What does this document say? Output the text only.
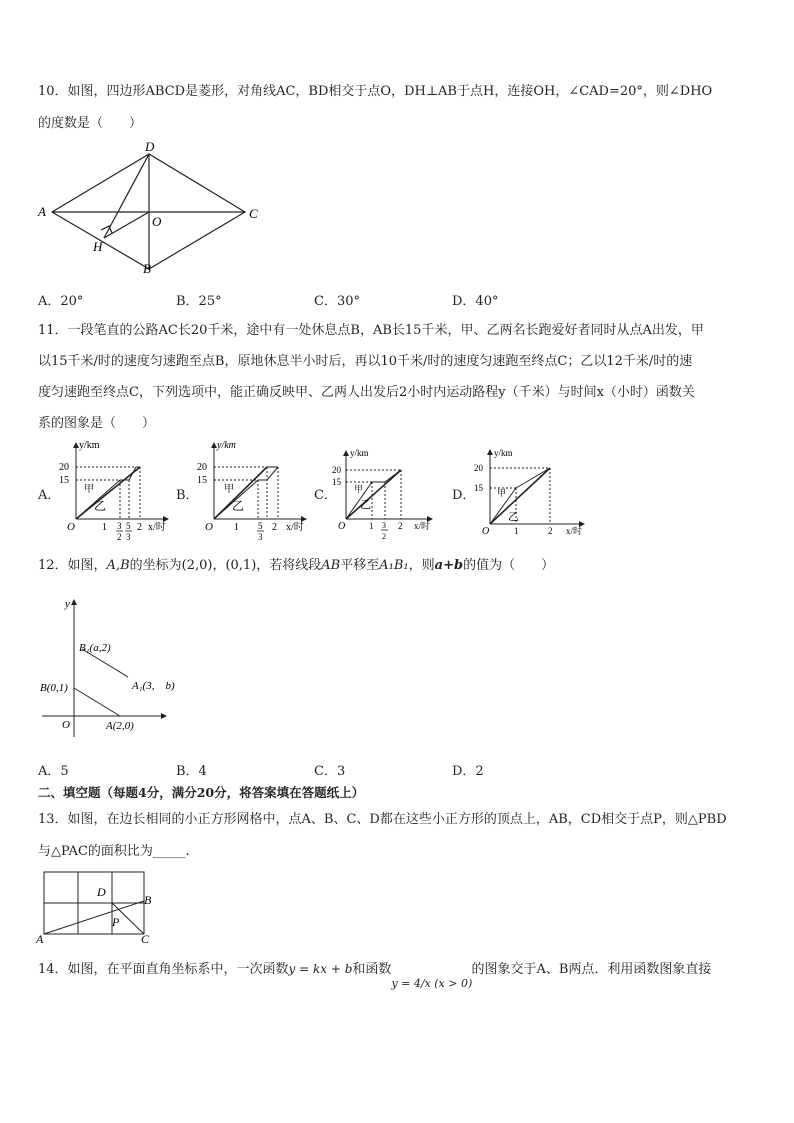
10．如图，四边形ABCD是菱形，对角线AC，BD相交于点O，DH⊥AB于点H，连接OH，∠CAD=20°，则∠DHO
的度数是（　　）
A
D
C
B
O
H
A．20°	B．25°	C．30°	D．40°
11．一段笔直的公路AC长20千米，途中有一处休息点B，AB长15千米，甲、乙两名长跑爱好者同时从点A出发，甲
以15千米/时的速度匀速跑至点B，原地休息半小时后，再以10千米/时的速度匀速跑至终点C；乙以12千米/时的速
度匀速跑至终点C，下列选项中，能正确反映甲、乙两人出发后2小时内运动路程y（千米）与时间x（小时）函数关
系的图象是（　　）
A．	B．	C．	D．
y/km
20
15
O
甲
乙
1 3
2
5
3
2 x/时
y/km
20
15
O
甲
乙
1 5
3
2 x/时
y/km
20
15
O
甲
乙
1 3
2
2 x/时
y/km
20
15
O
甲
乙
1	2 x/时
12．如图，A,B的坐标为(2,0)，(0,1)，若将线段AB平移至A₁B₁，则a+b的值为（　　）
y
O
B(0,1)
A(2,0)
B₁(a,2)
A₁(3,　b)
A．5	B．4	C．3	D．2
二、填空题（每题4分，满分20分，将答案填在答题纸上）
13．如图，在边长相同的小正方形网格中，点A、B、C、D都在这些小正方形的顶点上，AB，CD相交于点P，则△PBD
与△PAC的面积比为_____.
A
B
C
D
P
14．如图，在平面直角坐标系中，一次函数y = kx + b和函数y = 4/x (x > 0)的图象交于A、B两点．利用函数图象直接
